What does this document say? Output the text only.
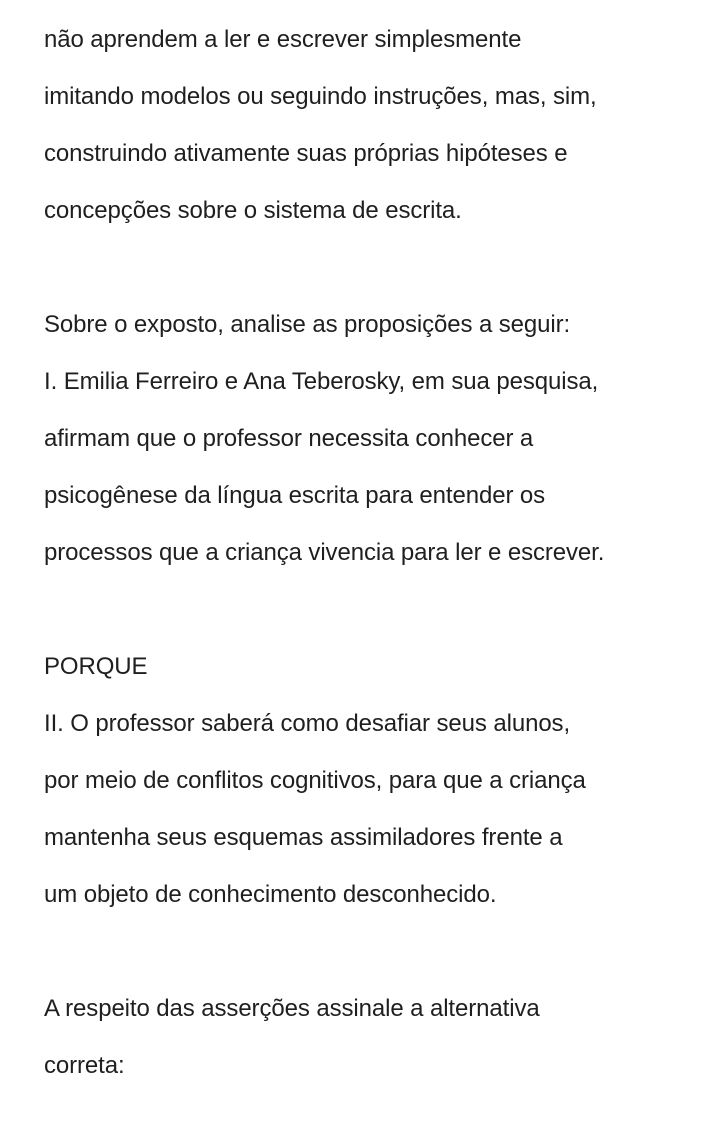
não aprendem a ler e escrever simplesmente
imitando modelos ou seguindo instruções, mas, sim,
construindo ativamente suas próprias hipóteses e
concepções sobre o sistema de escrita.
Sobre o exposto, analise as proposições a seguir:
I. Emilia Ferreiro e Ana Teberosky, em sua pesquisa,
afirmam que o professor necessita conhecer a
psicogênese da língua escrita para entender os
processos que a criança vivencia para ler e escrever.
PORQUE
II. O professor saberá como desafiar seus alunos,
por meio de conflitos cognitivos, para que a criança
mantenha seus esquemas assimiladores frente a
um objeto de conhecimento desconhecido.
A respeito das asserções assinale a alternativa
correta:
